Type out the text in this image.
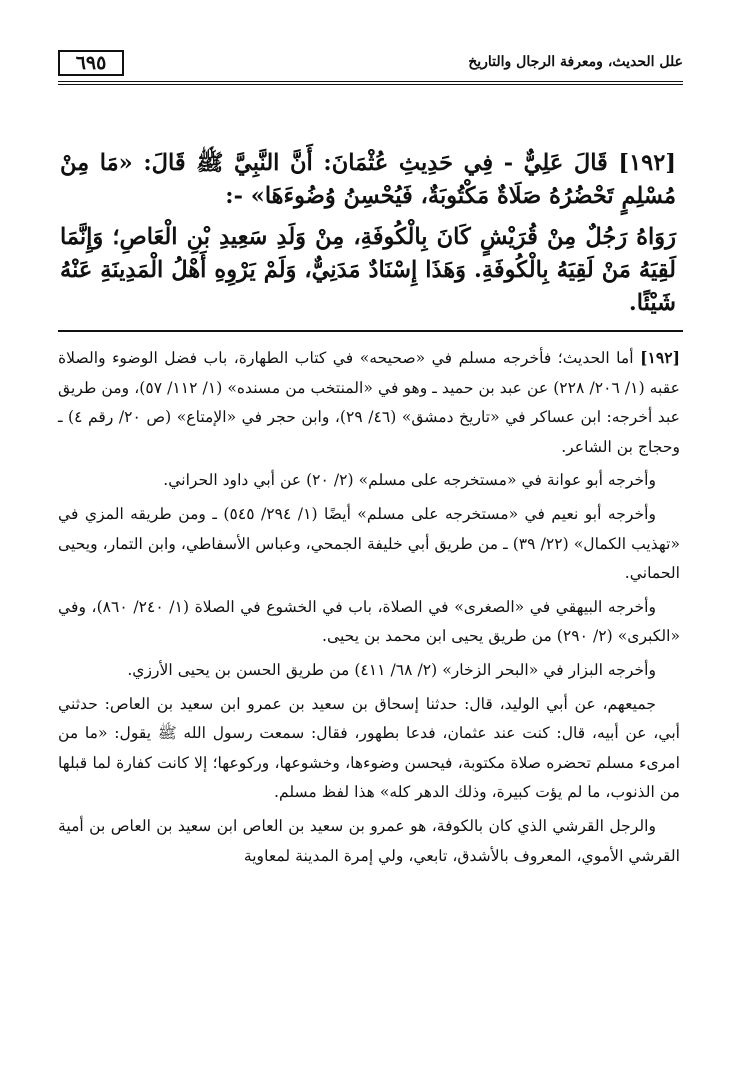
٦٩٥	علل الحديث، ومعرفة الرجال والتاريخ

[١٩٢] قَالَ عَلِيٌّ - فِي حَدِيثِ عُثْمَانَ: أَنَّ النَّبِيَّ ﷺ قَالَ: «مَا مِنْ مُسْلِمٍ تَحْضُرُهُ صَلَاةٌ مَكْتُوبَةٌ، فَيُحْسِنُ وُضُوءَهَا» -:

رَوَاهُ رَجُلٌ مِنْ قُرَيْشٍ كَانَ بِالْكُوفَةِ، مِنْ وَلَدِ سَعِيدِ بْنِ الْعَاصِ؛ وَإِنَّمَا لَقِيَهُ مَنْ لَقِيَهُ بِالْكُوفَةِ. وَهَذَا إِسْنَادٌ مَدَنِيٌّ، وَلَمْ يَرْوِهِ أَهْلُ الْمَدِينَةِ عَنْهُ شَيْئًا.

[١٩٢] أما الحديث؛ فأخرجه مسلم في «صحيحه» في كتاب الطهارة، باب فضل الوضوء والصلاة عقبه (١/ ٢٠٦/ ٢٢٨) عن عبد بن حميد ـ وهو في «المنتخب من مسنده» (١/ ١١٢/ ٥٧)، ومن طريق عبد أخرجه: ابن عساكر في «تاريخ دمشق» (٤٦/ ٢٩)، وابن حجر في «الإمتاع» (ص ٢٠/ رقم ٤) ـ وحجاج بن الشاعر.

وأخرجه أبو عوانة في «مستخرجه على مسلم» (٢/ ٢٠) عن أبي داود الحراني.

وأخرجه أبو نعيم في «مستخرجه على مسلم» أيضًا (١/ ٢٩٤/ ٥٤٥) ـ ومن طريقه المزي في «تهذيب الكمال» (٢٢/ ٣٩) ـ من طريق أبي خليفة الجمحي، وعباس الأسفاطي، وابن التمار، ويحيى الحماني.

وأخرجه البيهقي في «الصغرى» في الصلاة، باب في الخشوع في الصلاة (١/ ٢٤٠/ ٨٦٠)، وفي «الكبرى» (٢/ ٢٩٠) من طريق يحيى ابن محمد بن يحيى.

وأخرجه البزار في «البحر الزخار» (٢/ ٦٨/ ٤١١) من طريق الحسن بن يحيى الأرزي.

جميعهم، عن أبي الوليد، قال: حدثنا إسحاق بن سعيد بن عمرو ابن سعيد بن العاص: حدثني أبي، عن أبيه، قال: كنت عند عثمان، فدعا بطهور، فقال: سمعت رسول الله ﷺ يقول: «ما من امرىء مسلم تحضره صلاة مكتوبة، فيحسن وضوءها، وخشوعها، وركوعها؛ إلا كانت كفارة لما قبلها من الذنوب، ما لم يؤت كبيرة، وذلك الدهر كله» هذا لفظ مسلم.

والرجل القرشي الذي كان بالكوفة، هو عمرو بن سعيد بن العاص ابن سعيد بن العاص بن أمية القرشي الأموي، المعروف بالأشدق، تابعي، ولي إمرة المدينة لمعاوية
